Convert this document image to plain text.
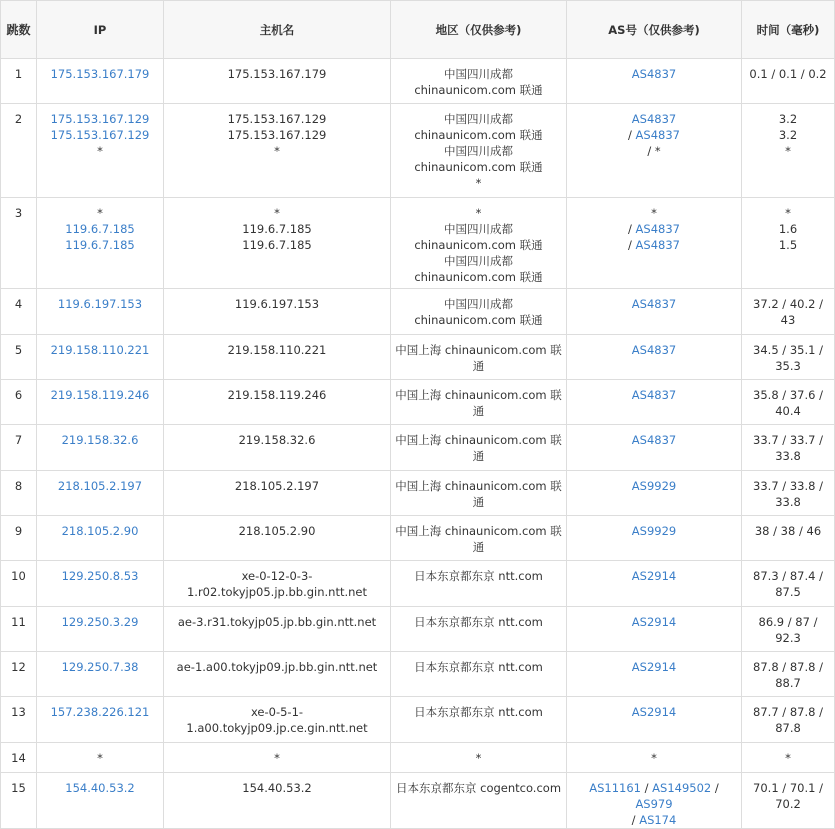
跳数	IP	主机名	地区（仅供参考)	AS号（仅供参考)	时间（毫秒)

1	175.153.167.179	175.153.167.179	中国四川成都
chinaunicom.com 联通	AS4837	0.1 / 0.1 / 0.2

2	175.153.167.129
175.153.167.129
*	175.153.167.129
175.153.167.129
*	中国四川成都
chinaunicom.com 联通
中国四川成都
chinaunicom.com 联通
*	AS4837
/ AS4837
/ *	3.2
3.2
*

3	*
119.6.7.185
119.6.7.185	*
119.6.7.185
119.6.7.185	*
中国四川成都
chinaunicom.com 联通
中国四川成都
chinaunicom.com 联通	*
/ AS4837
/ AS4837	*
1.6
1.5

4	119.6.197.153	119.6.197.153	中国四川成都
chinaunicom.com 联通	AS4837	37.2 / 40.2 /
43

5	219.158.110.221	219.158.110.221	中国上海 chinaunicom.com 联
通	AS4837	34.5 / 35.1 /
35.3

6	219.158.119.246	219.158.119.246	中国上海 chinaunicom.com 联
通	AS4837	35.8 / 37.6 /
40.4

7	219.158.32.6	219.158.32.6	中国上海 chinaunicom.com 联
通	AS4837	33.7 / 33.7 /
33.8

8	218.105.2.197	218.105.2.197	中国上海 chinaunicom.com 联
通	AS9929	33.7 / 33.8 /
33.8

9	218.105.2.90	218.105.2.90	中国上海 chinaunicom.com 联
通	AS9929	38 / 38 / 46

10	129.250.8.53	xe-0-12-0-3-
1.r02.tokyjp05.jp.bb.gin.ntt.net	日本东京都东京 ntt.com	AS2914	87.3 / 87.4 /
87.5

11	129.250.3.29	ae-3.r31.tokyjp05.jp.bb.gin.ntt.net	日本东京都东京 ntt.com	AS2914	86.9 / 87 /
92.3

12	129.250.7.38	ae-1.a00.tokyjp09.jp.bb.gin.ntt.net	日本东京都东京 ntt.com	AS2914	87.8 / 87.8 /
88.7

13	157.238.226.121	xe-0-5-1-
1.a00.tokyjp09.jp.ce.gin.ntt.net	日本东京都东京 ntt.com	AS2914	87.7 / 87.8 /
87.8

14	*	*	*	*	*

15	154.40.53.2	154.40.53.2	日本东京都东京 cogentco.com	AS11161 / AS149502 / AS979
/ AS174	70.1 / 70.1 /
70.2
